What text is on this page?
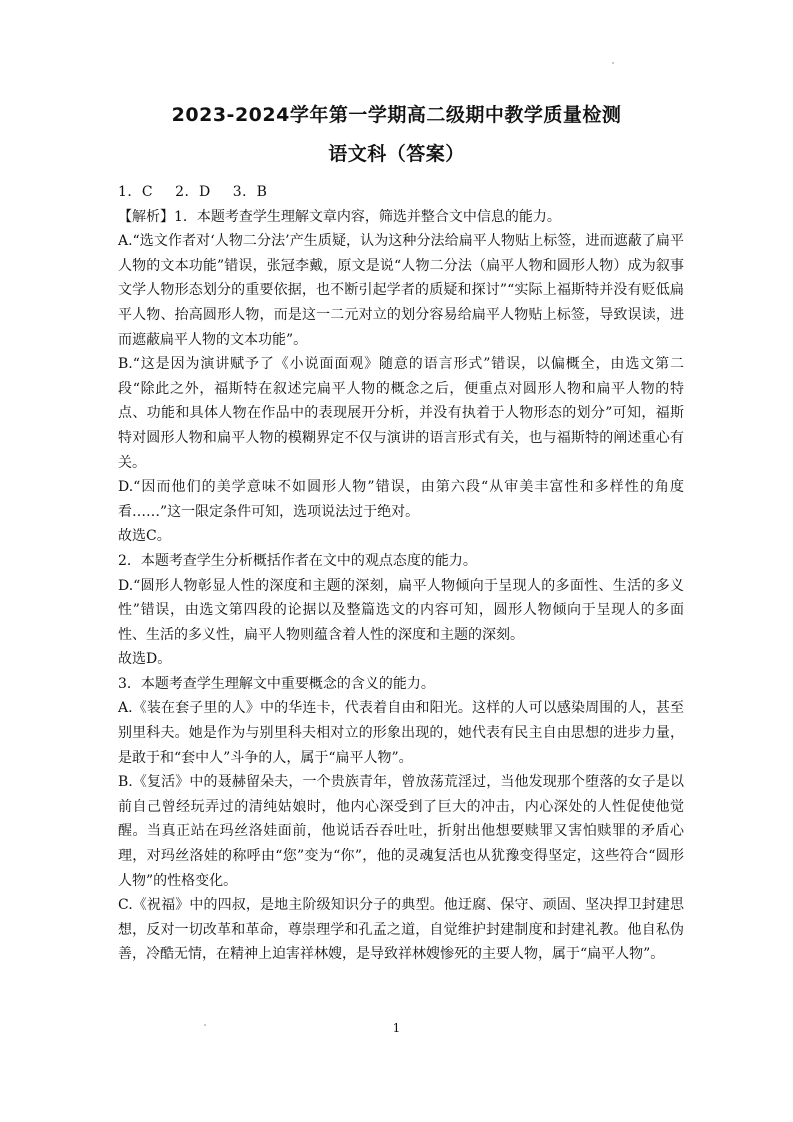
2023-2024学年第一学期高二级期中教学质量检测
语文科（答案）

1．C 2．D 3．B

【解析】1．本题考查学生理解文章内容，筛选并整合文中信息的能力。

A.“选文作者对‘人物二分法’产生质疑，认为这种分法给扁平人物贴上标签，进而遮蔽了扁平人物的文本功能”错误，张冠李戴，原文是说“人物二分法（扁平人物和圆形人物）成为叙事文学人物形态划分的重要依据，也不断引起学者的质疑和探讨”“实际上福斯特并没有贬低扁平人物、抬高圆形人物，而是这一二元对立的划分容易给扁平人物贴上标签，导致误读，进而遮蔽扁平人物的文本功能”。

B.“这是因为演讲赋予了《小说面面观》随意的语言形式”错误，以偏概全，由选文第二段“除此之外，福斯特在叙述完扁平人物的概念之后，便重点对圆形人物和扁平人物的特点、功能和具体人物在作品中的表现展开分析，并没有执着于人物形态的划分”可知，福斯特对圆形人物和扁平人物的模糊界定不仅与演讲的语言形式有关，也与福斯特的阐述重心有关。

D.“因而他们的美学意味不如圆形人物”错误，由第六段“从审美丰富性和多样性的角度看……”这一限定条件可知，选项说法过于绝对。

故选C。

2．本题考查学生分析概括作者在文中的观点态度的能力。

D.“圆形人物彰显人性的深度和主题的深刻，扁平人物倾向于呈现人的多面性、生活的多义性”错误，由选文第四段的论据以及整篇选文的内容可知，圆形人物倾向于呈现人的多面性、生活的多义性，扁平人物则蕴含着人性的深度和主题的深刻。

故选D。

3．本题考查学生理解文中重要概念的含义的能力。

A.《装在套子里的人》中的华连卡，代表着自由和阳光。这样的人可以感染周围的人，甚至别里科夫。她是作为与别里科夫相对立的形象出现的，她代表有民主自由思想的进步力量，是敢于和“套中人”斗争的人，属于“扁平人物”。

B.《复活》中的聂赫留朵夫，一个贵族青年，曾放荡荒淫过，当他发现那个堕落的女子是以前自己曾经玩弄过的清纯姑娘时，他内心深受到了巨大的冲击，内心深处的人性促使他觉醒。当真正站在玛丝洛娃面前，他说话吞吞吐吐，折射出他想要赎罪又害怕赎罪的矛盾心理，对玛丝洛娃的称呼由“您”变为“你”，他的灵魂复活也从犹豫变得坚定，这些符合“圆形人物”的性格变化。

C.《祝福》中的四叔，是地主阶级知识分子的典型。他迂腐、保守、顽固、坚决捍卫封建思想，反对一切改革和革命，尊崇理学和孔孟之道，自觉维护封建制度和封建礼教。他自私伪善，冷酷无情，在精神上迫害祥林嫂，是导致祥林嫂惨死的主要人物，属于“扁平人物”。

1
